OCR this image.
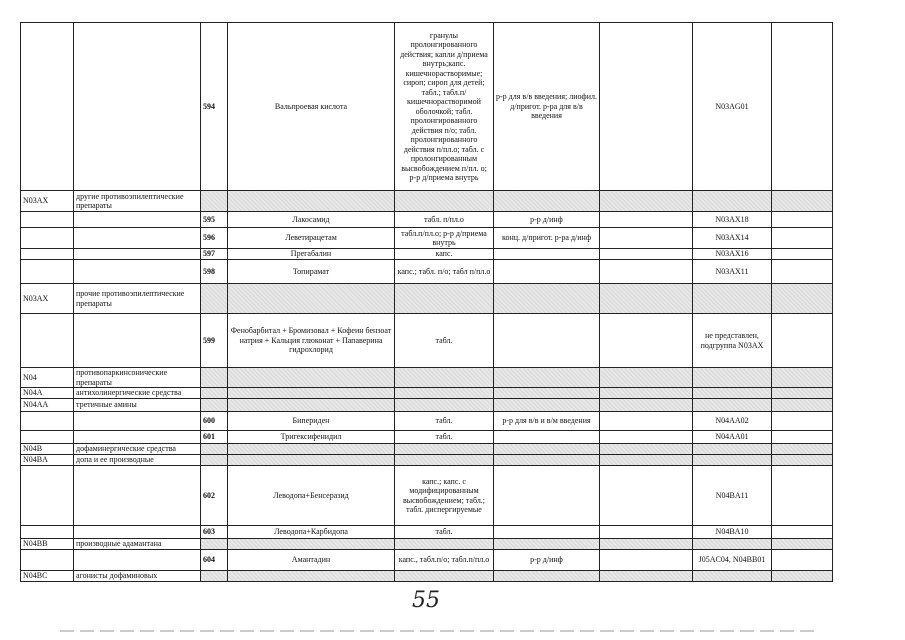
		594	Вальпроевая кислота	гранулы пролонгированного действия; капли д/приема внутрь;капс. кишечнорастворимые; сироп; сироп для детей; табл.; табл.п/кишечнорастворимой оболочкой; табл. пролонгированного действия п/о; табл. пролонгированного действия п/пл.о; табл. с пролонгированным высвобождением п/пл. о; р-р д/приема внутрь	р-р для в/в введения; лиофил. д/пригот. р-ра для в/в введения		N03AG01	
N03AX	другие противоэпилептические препараты							
		595	Лакосамид	табл. п/пл.о	р-р д/инф		N03AX18	
		596	Леветирацетам	табл.п/пл.о; р-р д/приема внутрь	конц. д/пригот. р-ра д/инф		N03AX14	
		597	Прегабалин	капс.			N03AX16	
		598	Топирамат	капс.; табл. п/о; табл п/пл.о			N03AX11	
N03AX	прочие противоэпилептические препараты							
		599	Фенобарбитал + Бромизовал + Кофеин бензоат натрия + Кальция глюконат + Папаверина гидрохлорид	табл.			не представлен, подгруппа N03AX	
N04	противопаркинсонические препараты							
N04A	антихолинергические средства							
N04AA	третичные амины							
		600	Бипериден	табл.	р-р для в/в и в/м введения		N04AA02	
		601	Тригексифенидил	табл.			N04AA01	
N04B	дофаминергические средства							
N04BA	допа и ее производные							
		602	Леводопа+Бенсеразид	капс.; капс. с модифицированным высвобождением; табл.; табл. диспергируемые			N04BA11	
		603	Леводопа+Карбидопа	табл.			N04BA10	
N04BB	производные адамантана							
		604	Амантадин	капс., табл.п/о; табл.п/пл.о	р-р д/инф		J05AC04, N04BB01	
N04BC	агонисты дофаминовых							
55
